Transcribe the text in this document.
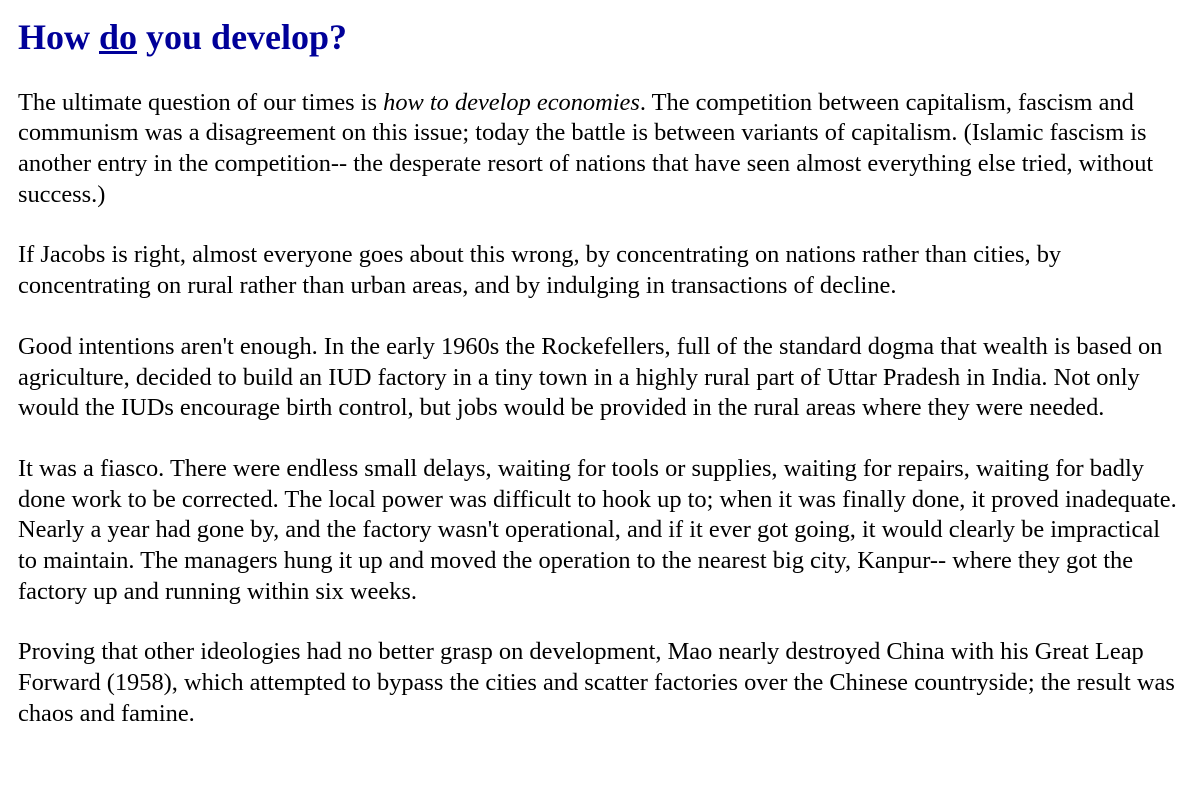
How do you develop?

The ultimate question of our times is how to develop economies. The competition between capitalism, fascism and communism was a disagreement on this issue; today the battle is between variants of capitalism. (Islamic fascism is another entry in the competition-- the desperate resort of nations that have seen almost everything else tried, without success.)

If Jacobs is right, almost everyone goes about this wrong, by concentrating on nations rather than cities, by concentrating on rural rather than urban areas, and by indulging in transactions of decline.

Good intentions aren't enough. In the early 1960s the Rockefellers, full of the standard dogma that wealth is based on agriculture, decided to build an IUD factory in a tiny town in a highly rural part of Uttar Pradesh in India. Not only would the IUDs encourage birth control, but jobs would be provided in the rural areas where they were needed.

It was a fiasco. There were endless small delays, waiting for tools or supplies, waiting for repairs, waiting for badly done work to be corrected. The local power was difficult to hook up to; when it was finally done, it proved inadequate. Nearly a year had gone by, and the factory wasn't operational, and if it ever got going, it would clearly be impractical to maintain. The managers hung it up and moved the operation to the nearest big city, Kanpur-- where they got the factory up and running within six weeks.

Proving that other ideologies had no better grasp on development, Mao nearly destroyed China with his Great Leap Forward (1958), which attempted to bypass the cities and scatter factories over the Chinese countryside; the result was chaos and famine.
